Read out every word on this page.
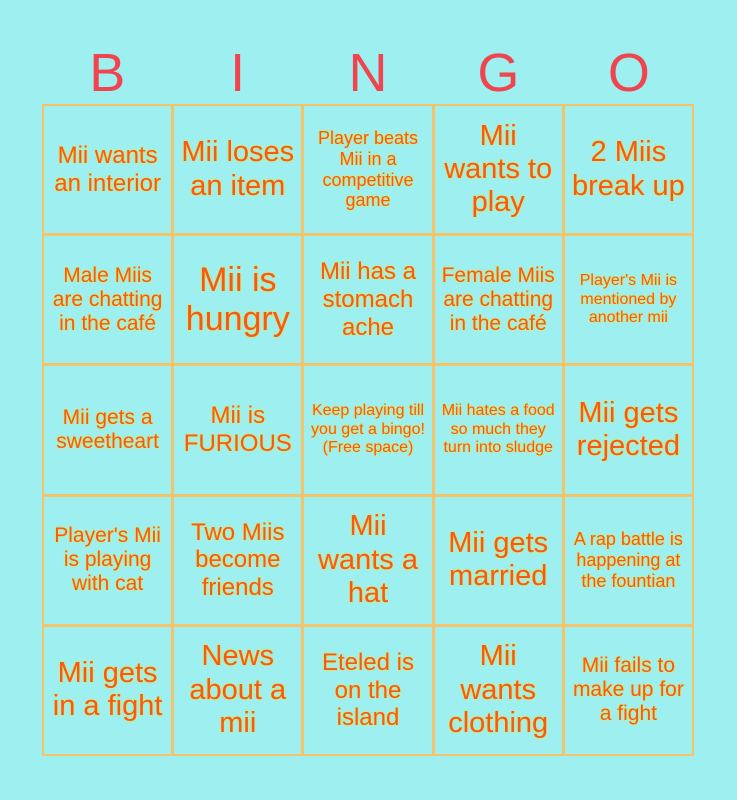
B	I	N	G	O
Mii wants an interior
Mii loses an item
Player beats Mii in a competitive game
Mii wants to play
2 Miis break up
Male Miis are chatting in the café
Mii is hungry
Mii has a stomach ache
Female Miis are chatting in the café
Player's Mii is mentioned by another mii
Mii gets a sweetheart
Mii is FURIOUS
Keep playing till you get a bingo! (Free space)
Mii hates a food so much they turn into sludge
Mii gets rejected
Player's Mii is playing with cat
Two Miis become friends
Mii wants a hat
Mii gets married
A rap battle is happening at the fountian
Mii gets in a fight
News about a mii
Eteled is on the island
Mii wants clothing
Mii fails to make up for a fight
